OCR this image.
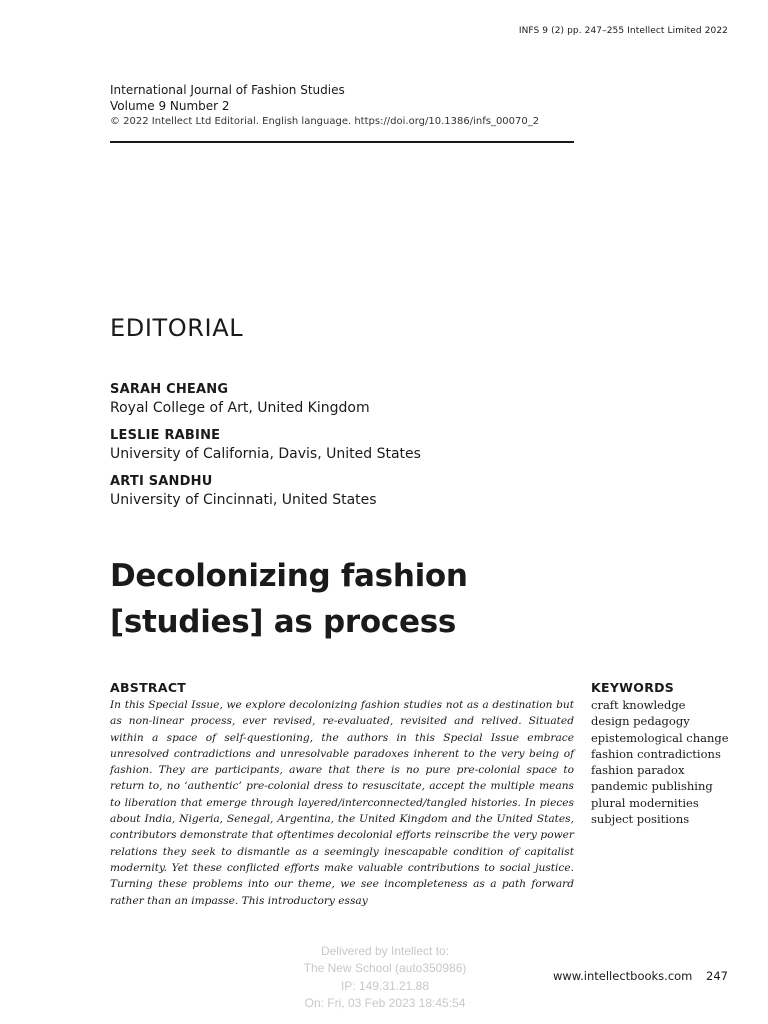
INFS 9 (2) pp. 247–255 Intellect Limited 2022
International Journal of Fashion Studies
Volume 9 Number 2
© 2022 Intellect Ltd Editorial. English language. https://doi.org/10.1386/infs_00070_2
EDITORIAL
SARAH CHEANG
Royal College of Art, United Kingdom
LESLIE RABINE
University of California, Davis, United States
ARTI SANDHU
University of Cincinnati, United States
Decolonizing fashion
[studies] as process
ABSTRACT

In this Special Issue, we explore decolonizing fashion studies not as a destination but as non-linear process, ever revised, re-evaluated, revisited and relived. Situated within a space of self-questioning, the authors in this Special Issue embrace unresolved contradictions and unresolvable paradoxes inherent to the very being of fashion. They are participants, aware that there is no pure pre-colonial space to return to, no ‘authentic’ pre-colonial dress to resuscitate, accept the multiple means to liberation that emerge through layered/interconnected/tangled histories. In pieces about India, Nigeria, Senegal, Argentina, the United Kingdom and the United States, contributors demonstrate that oftentimes decolonial efforts reinscribe the very power relations they seek to dismantle as a seemingly inescapable condition of capitalist modernity. Yet these conflicted efforts make valuable contributions to social justice. Turning these problems into our theme, we see incompleteness as a path forward rather than an impasse. This introductory essay

KEYWORDS
craft knowledge
design pedagogy
epistemological change
fashion contradictions
fashion paradox
pandemic publishing
plural modernities
subject positions
Delivered by Intellect to:
The New School (auto350986)
IP: 149.31.21.88
On: Fri, 03 Feb 2023 18:45:54
www.intellectbooks.com 247
